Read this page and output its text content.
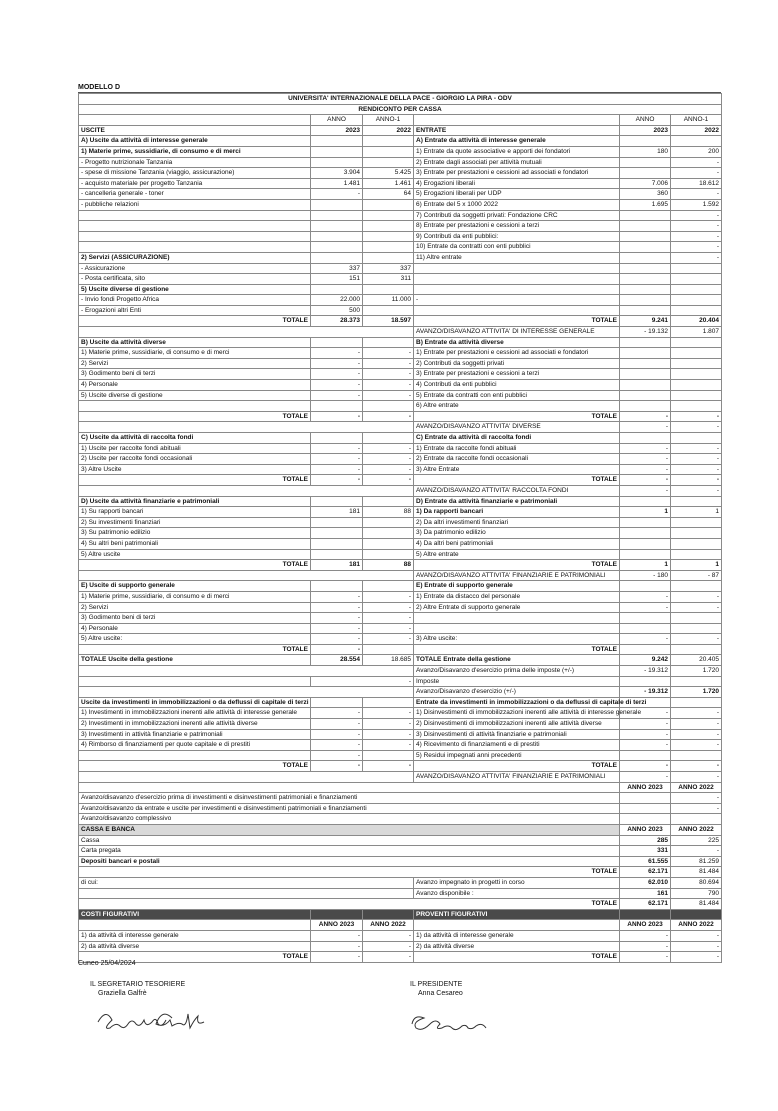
MODELLO D
UNIVERSITA' INTERNAZIONALE DELLA PACE - GIORGIO LA PIRA - ODV					
RENDICONTO PER CASSA					
	ANNO	ANNO-1		ANNO	ANNO-1
USCITE	2023	2022	ENTRATE	2023	2022
A) Uscite da attività di interesse generale			A) Entrate da attività di interesse generale		
1) Materie prime, sussidiarie, di consumo e di merci			1) Entrate da quote associative e apporti dei fondatori	180	200
- Progetto nutrizionale Tanzania			2) Entrate dagli associati per attività mutuali		-
- spese di missione Tanzania (viaggio, assicurazione)	3.904	5.425	3) Entrate per prestazioni e cessioni ad associati e fondatori		-
- acquisto materiale per progetto Tanzania	1.481	1.461	4) Erogazioni liberali	7.006	18.612
- cancelleria generale - toner	-	64	5) Erogazioni liberali per UDP	360	-
- pubbliche relazioni			6) Entrate del 5 x 1000 2022	1.695	1.592
			7) Contributi da soggetti privati: Fondazione CRC		-
			8) Entrate per prestazioni e cessioni a terzi		-
			9) Contributi da enti pubblici:		-
			10) Entrate da contratti con enti pubblici		-
2) Servizi (ASSICURAZIONE)			11) Altre entrate		-
- Assicurazione	337	337			
- Posta certificata, sito	151	311			
5) Uscite diverse di gestione					
- Invio fondi Progetto Africa	22.000	11.000	-		
- Erogazioni altri Enti	500				
TOTALE	28.373	18.597	TOTALE	9.241	20.404
			AVANZO/DISAVANZO ATTIVITA' DI INTERESSE GENERALE	- 19.132	1.807
B) Uscite da attività diverse			B) Entrate da attività diverse		
1) Materie prime, sussidiarie, di consumo e di merci	-	-	1) Entrate per prestazioni e cessioni ad associati e fondatori		
2) Servizi	-	-	2) Contributi da soggetti privati		
3) Godimento beni di terzi	-	-	3) Entrate per prestazioni e cessioni a terzi		
4) Personale	-	-	4) Contributi da enti pubblici		
5) Uscite diverse di gestione	-	-	5) Entrate da contratti con enti pubblici		
			6) Altre entrate		
TOTALE	-	-	TOTALE	-	-
			AVANZO/DISAVANZO ATTIVITA' DIVERSE	-	-
C) Uscite da attività di raccolta fondi			C) Entrate da attività di raccolta fondi		
1) Uscite per raccolte fondi abituali	-	-	1) Entrate da raccolte fondi abituali	-	-
2) Uscite per raccolte fondi occasionali	-	-	2) Entrate da raccolte fondi occasionali	-	-
3) Altre Uscite	-	-	3) Altre Entrate	-	-
TOTALE	-	-	TOTALE	-	-
			AVANZO/DISAVANZO ATTIVITA' RACCOLTA FONDI	-	-
D) Uscite da attività finanziarie e patrimoniali			D) Entrate da attività finanziarie e patrimoniali		
1) Su rapporti bancari	181	88	1) Da rapporti bancari	1	1
2) Su investimenti finanziari			2) Da altri investimenti finanziari		
3) Su patrimonio edilizio			3) Da patrimonio edilizio		
4) Su altri beni patrimoniali			4) Da altri beni patrimoniali		
5) Altre uscite			5) Altre entrate		
TOTALE	181	88	TOTALE	1	1
			AVANZO/DISAVANZO ATTIVITA' FINANZIARIE E PATRIMONIALI	- 180	- 87
E) Uscite di supporto generale			E) Entrate di supporto generale		
1) Materie prime, sussidiarie, di consumo e di merci	-	-	1) Entrate da distacco del personale	-	-
2) Servizi	-	-	2) Altre Entrate di supporto generale	-	-
3) Godimento beni di terzi	-	-			
4) Personale	-	-			
5) Altre uscite:	-	-	3) Altre uscite:	-	-
TOTALE	-		TOTALE		
TOTALE Uscite della gestione	28.554	18.685	TOTALE Entrate della gestione	9.242	20.405
			Avanzo/Disavanzo d'esercizio prima delle imposte (+/-)	- 19.312	1.720
	-		Imposte		
			Avanzo/Disavanzo d'esercizio (+/-)	- 19.312	1.720
Uscite da investimenti in immobilizzazioni o da deflussi di capitale di terzi			Entrate da investimenti in immobilizzazioni o da deflussi di capitale di terzi		
1) Investimenti in immobilizzazioni inerenti alle attività di interesse generale	-	-	1) Disinvestimenti di immobilizzazioni inerenti alle attività di interesse generale	-	-
2) Investimenti in immobilizzazioni inerenti alle attività diverse	-	-	2) Disinvestimenti di immobilizzazioni inerenti alle attività diverse	-	-
3) Investimenti in attività finanziarie e patrimoniali	-	-	3) Disinvestimenti di attività finanziarie e patrimoniali	-	-
4) Rimborso di finanziamenti per quote capitale e di prestiti	-	-	4) Ricevimento di finanziamenti e di prestiti	-	-
	-		5) Residui impegnati anni precedenti		
TOTALE	-	-	TOTALE	-	-
			AVANZO/DISAVANZO ATTIVITA' FINANZIARIE E PATRIMONIALI	-	-
				ANNO 2023	ANNO 2022
Avanzo/disavanzo d'esercizio prima di investimenti e disinvestimenti patrimoniali e finanziamenti					-
Avanzo/disavanzo da entrate e uscite per investimenti e disinvestimenti patrimoniali e finanziamenti					-
Avanzo/disavanzo complessivo					
CASSA E BANCA				ANNO 2023	ANNO 2022
Cassa				285	225
Carta pregata				331	-
Depositi bancari e postali				61.555	81.259
TOTALE				62.171	81.484
di cui:			Avanzo impegnato in progetti in corso	62.010	80.694
			Avanzo disponibile :	161	790
TOTALE				62.171	81.484
COSTI FIGURATIVI			PROVENTI FIGURATIVI		
	ANNO 2023	ANNO 2022		ANNO 2023	ANNO 2022
1) da attività di interesse generale	-	-	1) da attività di interesse generale	-	-
2) da attività diverse	-	-	2) da attività diverse	-	-
TOTALE	-	-	TOTALE	-	-
Cuneo 25/04/2024
IL SEGRETARIO TESORIERE
Graziella Galfrè
IL PRESIDENTE
Anna Cesareo
